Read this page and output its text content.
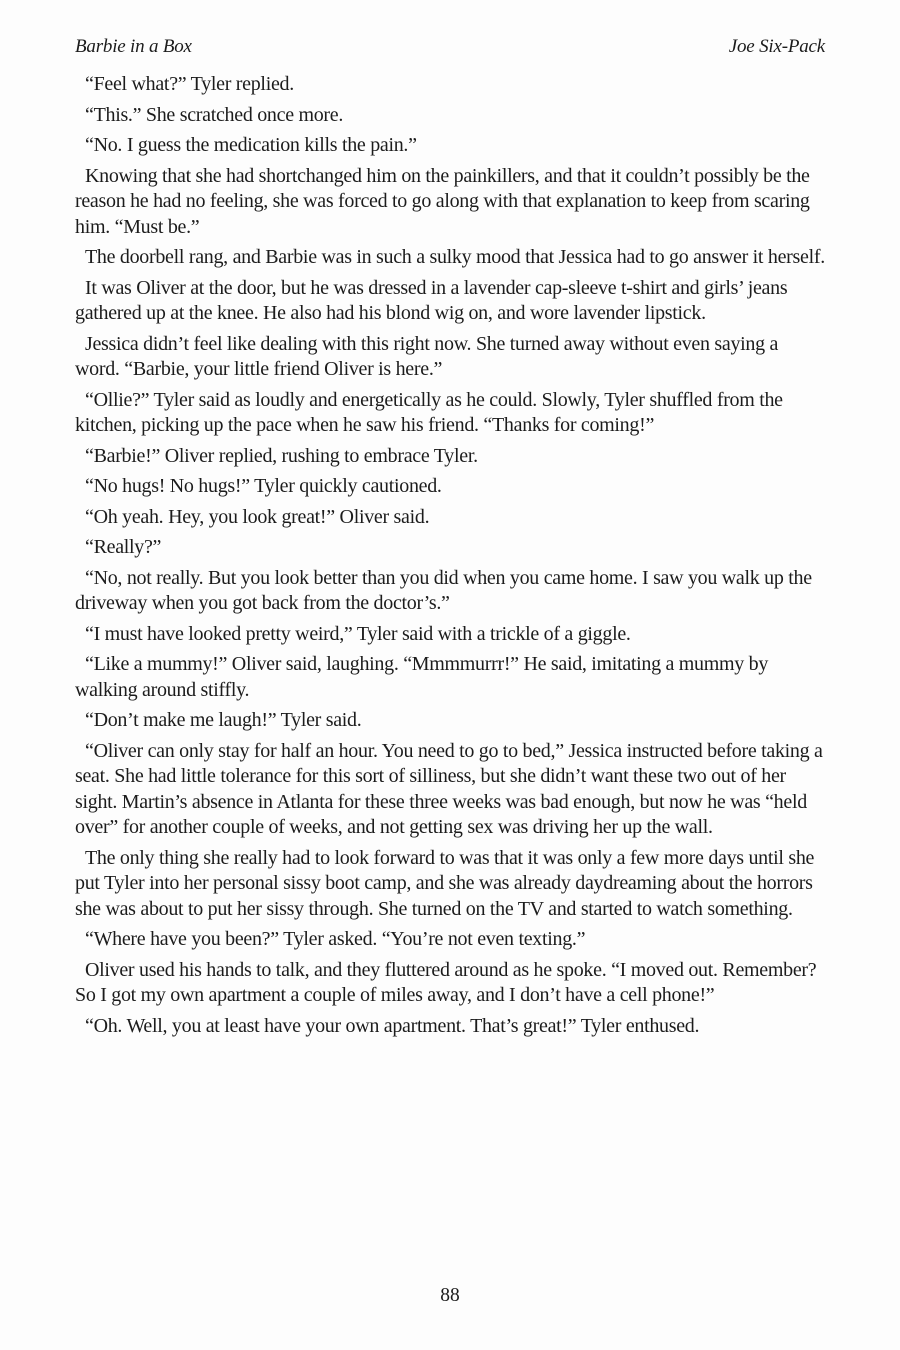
Barbie in a Box	Joe Six-Pack

“Feel what?” Tyler replied.

“This.” She scratched once more.

“No. I guess the medication kills the pain.”

Knowing that she had shortchanged him on the painkillers, and that it couldn’t possibly be the reason he had no feeling, she was forced to go along with that explanation to keep from scaring him. “Must be.”

The doorbell rang, and Barbie was in such a sulky mood that Jessica had to go answer it herself.

It was Oliver at the door, but he was dressed in a lavender cap-sleeve t-shirt and girls’ jeans gathered up at the knee. He also had his blond wig on, and wore lavender lipstick.

Jessica didn’t feel like dealing with this right now. She turned away without even saying a word. “Barbie, your little friend Oliver is here.”

“Ollie?” Tyler said as loudly and energetically as he could. Slowly, Tyler shuffled from the kitchen, picking up the pace when he saw his friend. “Thanks for coming!”

“Barbie!” Oliver replied, rushing to embrace Tyler.

“No hugs! No hugs!” Tyler quickly cautioned.

“Oh yeah. Hey, you look great!” Oliver said.

“Really?”

“No, not really. But you look better than you did when you came home. I saw you walk up the driveway when you got back from the doctor’s.”

“I must have looked pretty weird,” Tyler said with a trickle of a giggle.

“Like a mummy!” Oliver said, laughing. “Mmmmurrr!” He said, imitating a mummy by walking around stiffly.

“Don’t make me laugh!” Tyler said.

“Oliver can only stay for half an hour. You need to go to bed,” Jessica instructed before taking a seat. She had little tolerance for this sort of silliness, but she didn’t want these two out of her sight. Martin’s absence in Atlanta for these three weeks was bad enough, but now he was “held over” for another couple of weeks, and not getting sex was driving her up the wall.

The only thing she really had to look forward to was that it was only a few more days until she put Tyler into her personal sissy boot camp, and she was already daydreaming about the horrors she was about to put her sissy through. She turned on the TV and started to watch something.

“Where have you been?” Tyler asked. “You’re not even texting.”

Oliver used his hands to talk, and they fluttered around as he spoke. “I moved out. Remember? So I got my own apartment a couple of miles away, and I don’t have a cell phone!”

“Oh. Well, you at least have your own apartment. That’s great!” Tyler enthused.

88
